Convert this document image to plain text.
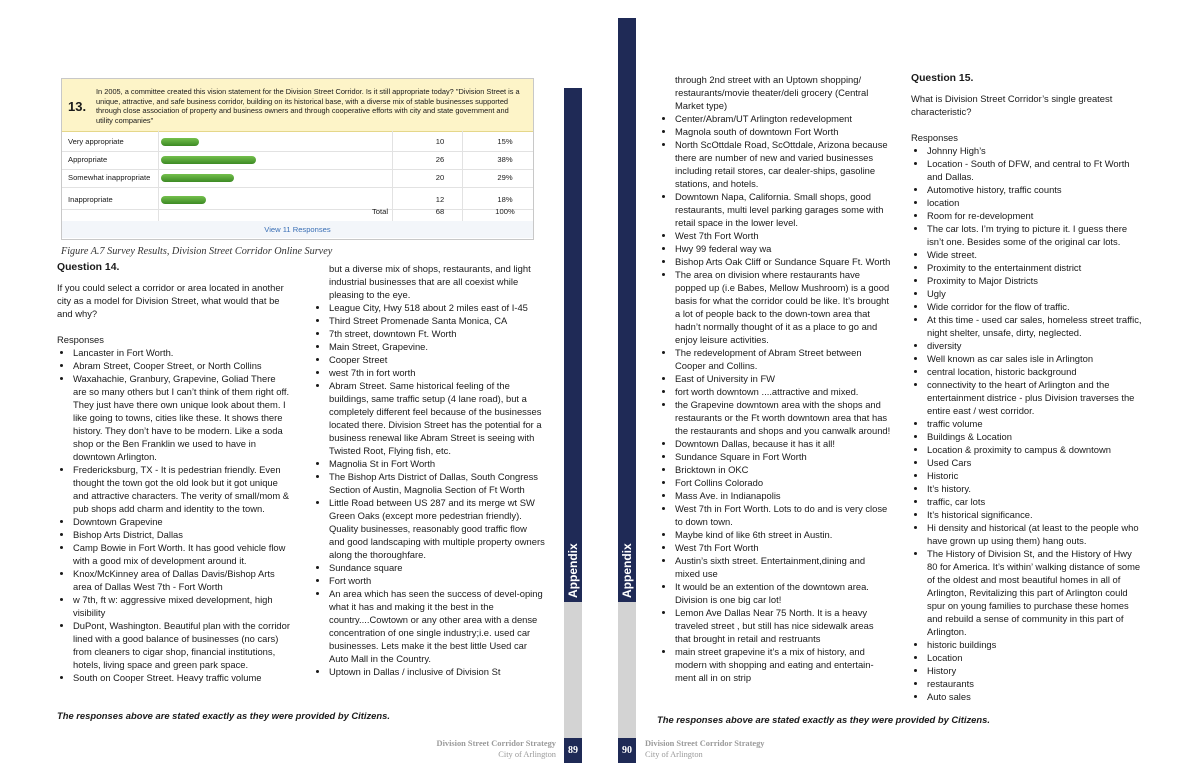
13.
In 2005, a committee created this vision statement for the Division Street Corridor. Is it still appropriate today? "Division Street is a unique, attractive, and safe business corridor, building on its historical base, with a diverse mix of stable businesses supported through close association of property and business owners and through cooperative efforts with city and state government and utility companies"
Very appropriate	10	15%
Appropriate	26	38%
Somewhat inappropriate	20	29%
Inappropriate	12	18%
Total	68	100%
View 11 Responses
Figure A.7 Survey Results, Division Street Corridor Online Survey
Question 14.
If you could select a corridor or area located in another city as a model for Division Street, what would that be and why?
Responses
• Lancaster in Fort Worth.
• Abram Street, Cooper Street, or North Collins
• Waxahachie, Granbury, Grapevine, Goliad There are so many others but I can’t think of them right off. They just have there own unique look about them. I like going to towns, cities like these. It shows there history. They don’t have to be modern. Like a soda shop or the Ben Franklin we used to have in downtown Arlington.
• Fredericksburg, TX - It is pedestrian friendly. Even thought the town got the old look but it got unique and attractive characters. The verity of small/mom & pub shops add charm and identity to the town.
• Downtown Grapevine
• Bishop Arts District, Dallas
• Camp Bowie in Fort Worth. It has good vehicle flow with a good mix of development around it.
• Knox/McKinney area of Dallas Davis/Bishop Arts area of Dallas West 7th - Fort Worth
• w 7th, ft w: aggressive mixed development, high visibility
• DuPont, Washington. Beautiful plan with the corridor lined with a good balance of businesses (no cars) from cleaners to cigar shop, financial institutions, hotels, living space and green park space.
• South on Cooper Street. Heavy traffic volume
but a diverse mix of shops, restaurants, and light industrial businesses that are all coexist while pleasing to the eye.
• League City, Hwy 518 about 2 miles east of I-45
• Third Street Promenade Santa Monica, CA
• 7th street, downtown Ft. Worth
• Main Street, Grapevine.
• Cooper Street
• west 7th in fort worth
• Abram Street. Same historical feeling of the buildings, same traffic setup (4 lane road), but a completely different feel because of the businesses located there. Division Street has the potential for a business renewal like Abram Street is seeing with Twisted Root, Flying fish, etc.
• Magnolia St in Fort Worth
• The Bishop Arts District of Dallas, South Congress Section of Austin, Magnolia Section of Ft Worth
• Little Road between US 287 and its merge wt SW Green Oaks (except more pedestrian friendly). Quality businesses, reasonably good traffic flow and good landscaping with multiple property owners along the thoroughfare.
• Sundance square
• Fort worth
• An area which has seen the success of devel-oping what it has and making it the best in the country....Cowtown or any other area with a dense concentration of one single industry;i.e. used car businesses. Lets make it the best little Used car Auto Mall in the Country.
• Uptown in Dallas / inclusive of Division St
The responses above are stated exactly as they were provided by Citizens.
through 2nd street with an Uptown shopping/ restaurants/movie theater/deli grocery (Central Market type)
• Center/Abram/UT Arlington redevelopment
• Magnola south of downtown Fort Worth
• North ScOttdale Road, ScOttdale, Arizona because there are number of new and varied businesses including retail stores, car dealer-ships, gasoline stations, and hotels.
• Downtown Napa, California. Small shops, good restaurants, multi level parking garages some with retail space in the lower level.
• West 7th Fort Worth
• Hwy 99 federal way wa
• Bishop Arts Oak Cliff or Sundance Square Ft. Worth
• The area on division where restaurants have popped up (i.e Babes, Mellow Mushroom) is a good basis for what the corridor could be like. It’s brought a lot of people back to the down-town area that hadn’t normally thought of it as a place to go and enjoy leisure activities.
• The redevelopment of Abram Street between Cooper and Collins.
• East of University in FW
• fort worth downtown ....attractive and mixed.
• the Grapevine downtown area with the shops and restaurants or the Ft worth downtown area that has the restaurants and shops and you canwalk around!
• Downtown Dallas, because it has it all!
• Sundance Square in Fort Worth
• Bricktown in OKC
• Fort Collins Colorado
• Mass Ave. in Indianapolis
• West 7th in Fort Worth. Lots to do and is very close to down town.
• Maybe kind of like 6th street in Austin.
• West 7th Fort Worth
• Austin’s sixth street. Entertainment,dining and mixed use
• It would be an extention of the downtown area. Division is one big car lot!
• Lemon Ave Dallas Near 75 North. It is a heavy traveled street , but still has nice sidewalk areas that brought in retail and restruants
• main street grapevine it’s a mix of history, and modern with shopping and eating and entertain-ment all in on strip
The responses above are stated exactly as they were provided by Citizens.
Question 15.
What is Division Street Corridor’s single greatest characteristic?
Responses
• Johnny High’s
• Location - South of DFW, and central to Ft Worth and Dallas.
• Automotive history, traffic counts
• location
• Room for re-development
• The car lots. I’m trying to picture it. I guess there isn’t one. Besides some of the original car lots.
• Wide street.
• Proximity to the entertainment district
• Proximity to Major Districts
• Ugly
• Wide corridor for the flow of traffic.
• At this time - used car sales, homeless street traffic, night shelter, unsafe, dirty, neglected.
• diversity
• Well known as car sales isle in Arlington
• central location, historic background
• connectivity to the heart of Arlington and the entertainment districe - plus Division traverses the entire east / west corridor.
• traffic volume
• Buildings & Location
• Location & proximity to campus & downtown
• Used Cars
• Historic
• It’s history.
• traffic, car lots
• It’s historical significance.
• Hi density and historical (at least to the people who have grown up using them) hang outs.
• The History of Division St, and the History of Hwy 80 for America. It’s within’ walking distance of some of the oldest and most beautiful homes in all of Arlington, Revitalizing this part of Arlington could spur on young families to purchase these homes and rebuild a sense of community in this part of Arlington.
• historic buildings
• Location
• History
• restaurants
• Auto sales
Appendix
89
Appendix
90
Division Street Corridor Strategy
City of Arlington
Division Street Corridor Strategy
City of Arlington
